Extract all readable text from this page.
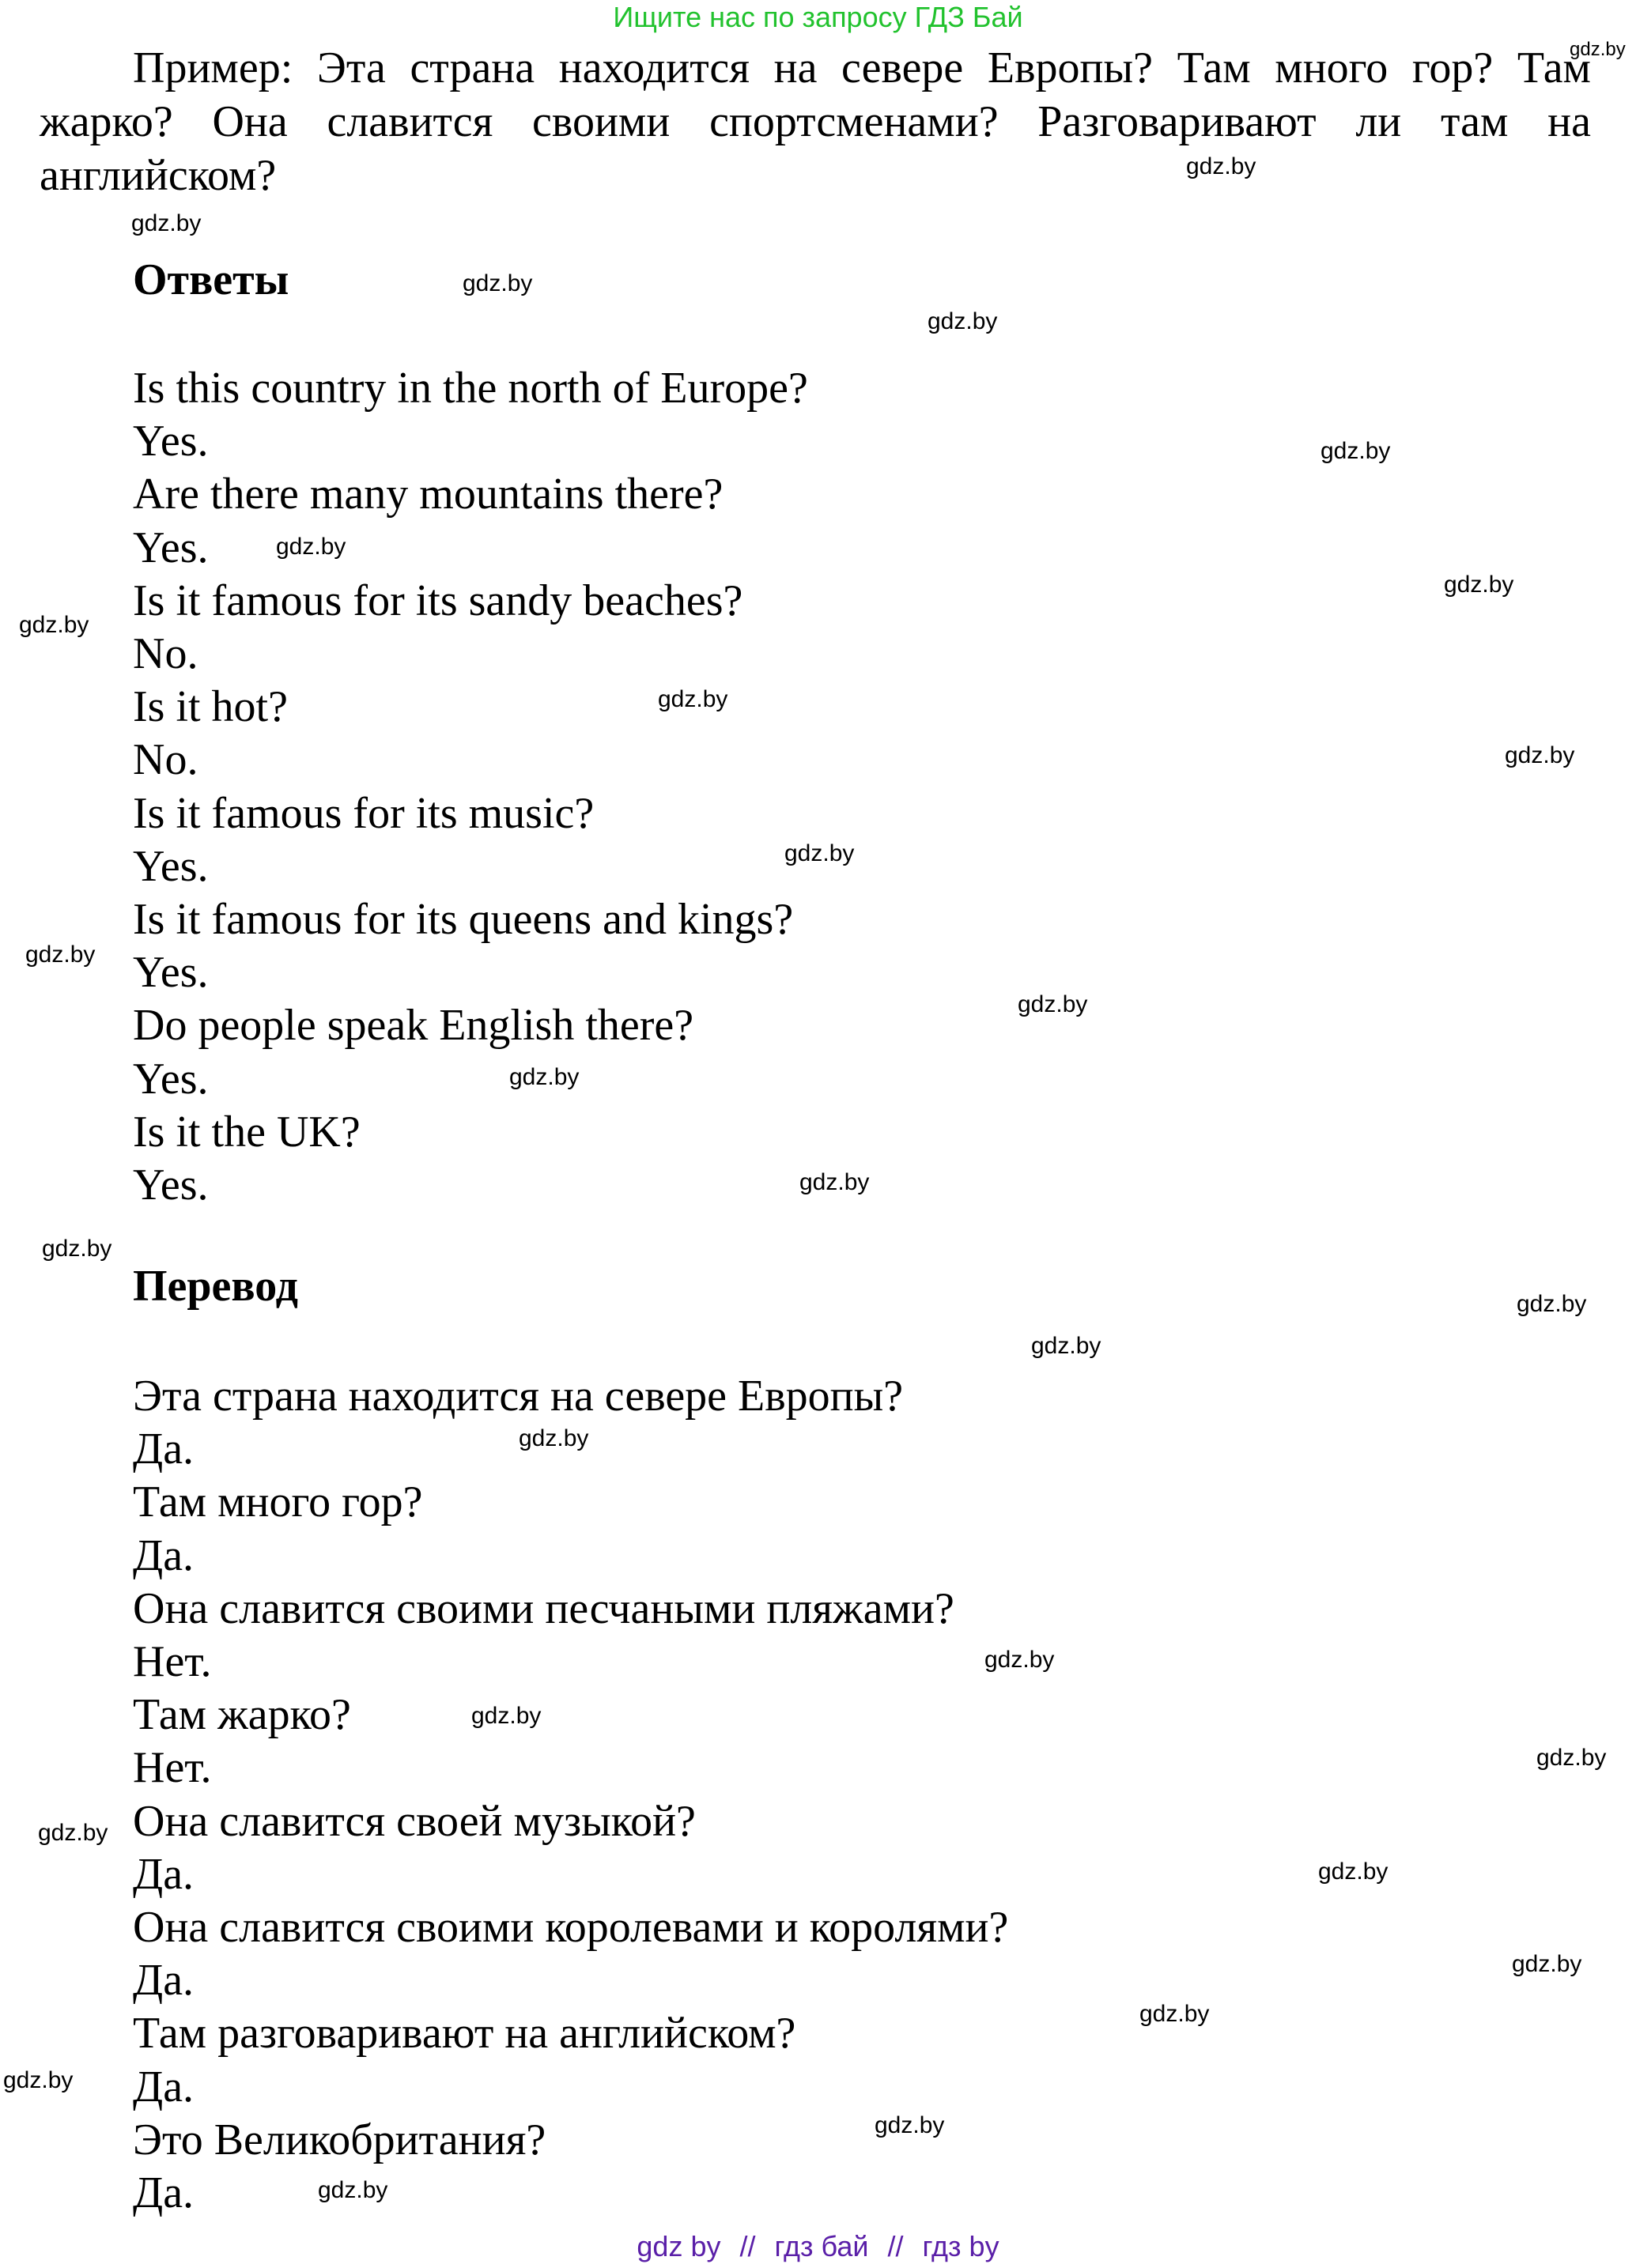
Ищите нас по запросу ГДЗ Бай

Пример: Эта страна находится на севере Европы? Там много гор? Там жарко? Она славится своими спортсменами? Разговаривают ли там на английском?

Ответы
Is this country in the north of Europe?
Yes.
Are there many mountains there?
Yes.
Is it famous for its sandy beaches?
No.
Is it hot?
No.
Is it famous for its music?
Yes.
Is it famous for its queens and kings?
Yes.
Do people speak English there?
Yes.
Is it the UK?
Yes.
Перевод
Эта страна находится на севере Европы?
Да.
Там много гор?
Да.
Она славится своими песчаными пляжами?
Нет.
Там жарко?
Нет.
Она славится своей музыкой?
Да.
Она славится своими королевами и королями?
Да.
Там разговаривают на английском?
Да.
Это Великобритания?
Да.
gdz.by
gdz.by
gdz.by
gdz.by
gdz.by
gdz.by
gdz.by
gdz.by
gdz.by
gdz.by
gdz.by
gdz.by
gdz.by
gdz.by
gdz.by
gdz.by
gdz.by
gdz.by
gdz.by
gdz.by
gdz.by
gdz.by
gdz.by
gdz.by
gdz.by
gdz.by
gdz.by
gdz.by
gdz.by
gdz.by
gdz by // гдз бай // гдз by
